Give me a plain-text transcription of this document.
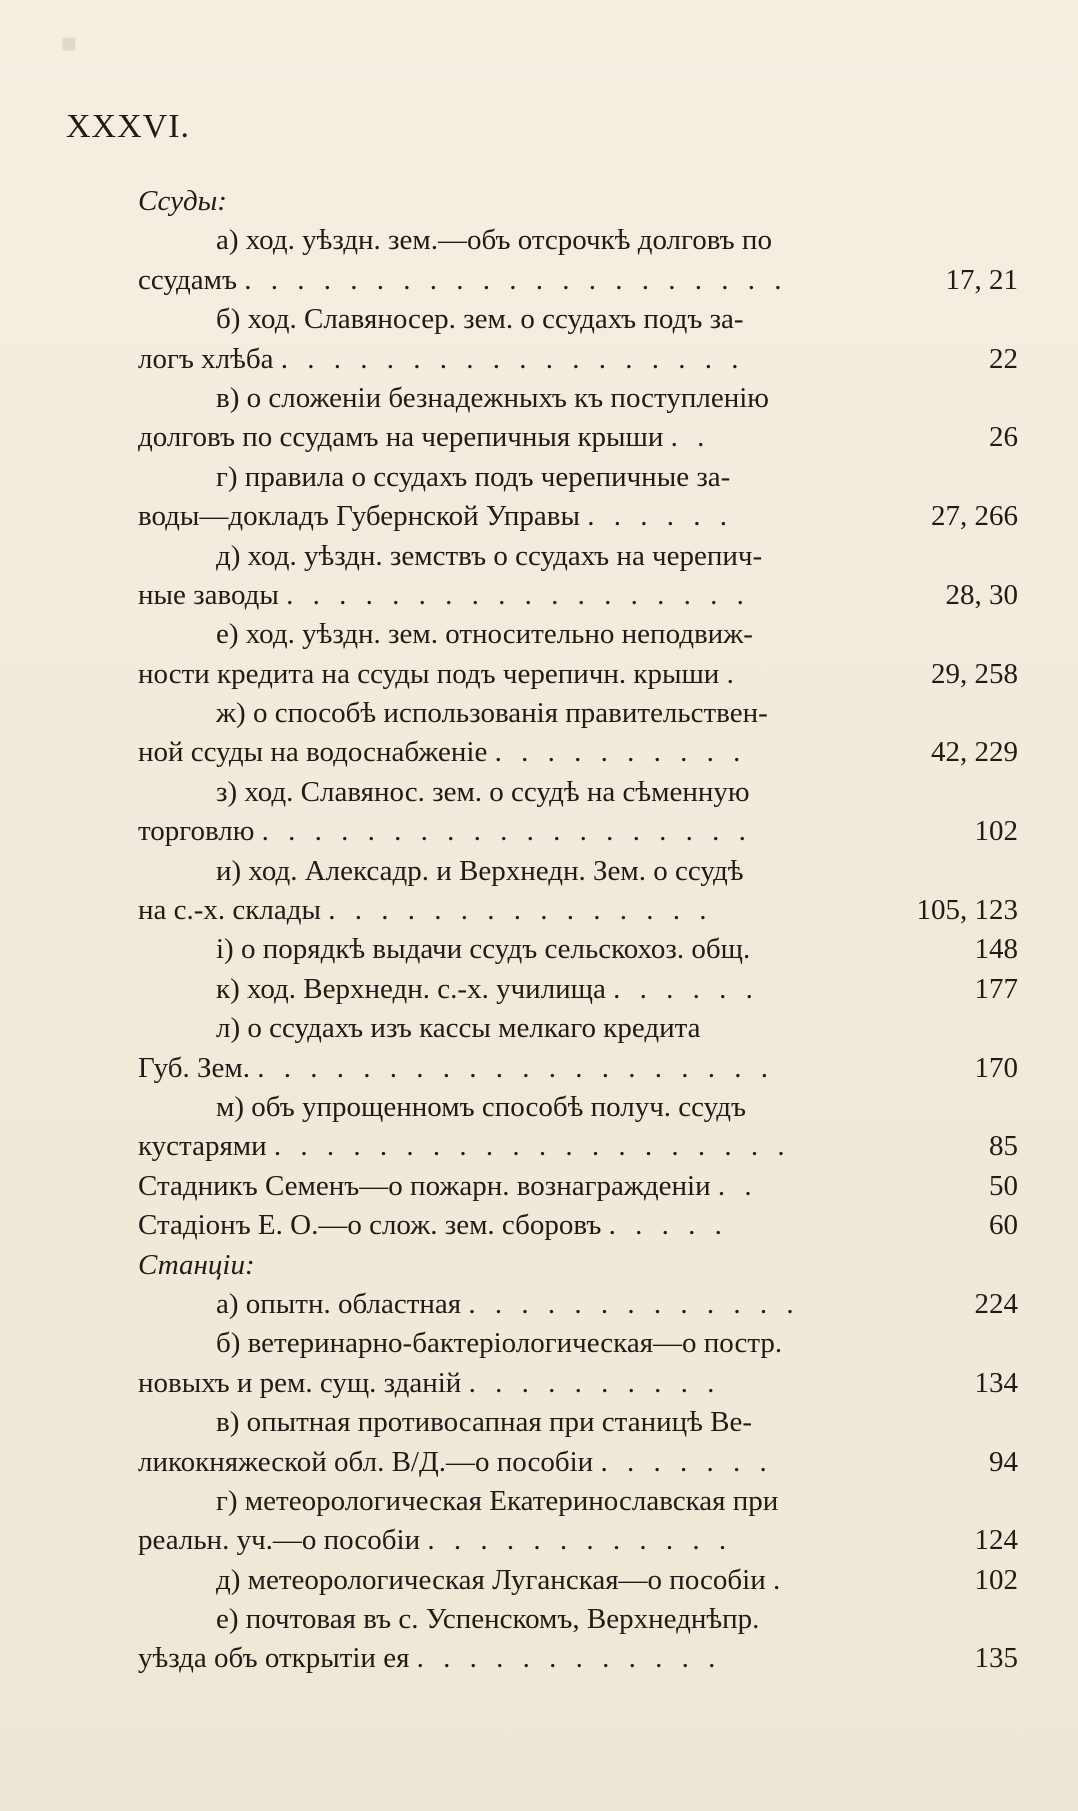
▪
XXXVI.
Ссуды:
а) ход. уѣздн. зем.—объ отсрочкѣ долговъ по
ссудамъ . . . . . . . . . . . . . . . . . . . . .	17, 21
б) ход. Славяносер. зем. о ссудахъ подъ за-
логъ хлѣба . . . . . . . . . . . . . . . . . .	22
в) о сложенiи безнадежныхъ къ поступленiю
долговъ по ссудамъ на черепичныя крыши . .	26
г) правила о ссудахъ подъ черепичные за-
воды—докладъ Губернской Управы . . . . . .	27, 266
д) ход. уѣздн. земствъ о ссудахъ на черепич-
ные заводы . . . . . . . . . . . . . . . . . .	28, 30
е) ход. уѣздн. зем. относительно неподвиж-
ности кредита на ссуды подъ черепичн. крыши .	29, 258
ж) о способѣ использованiя правительствен-
ной ссуды на водоснабженiе . . . . . . . . . .	42, 229
з) ход. Славянос. зем. о ссудѣ на сѣменную
торговлю . . . . . . . . . . . . . . . . . . .	102
и) ход. Алексадр. и Верхнедн. Зем. о ссудѣ
на с.-х. склады . . . . . . . . . . . . . . .	105, 123
i) о порядкѣ выдачи ссудъ сельскохоз. общ.	148
к) ход. Верхнедн. с.-х. училища . . . . . .	177
л) о ссудахъ изъ кассы мелкаго кредита
Губ. Зем. . . . . . . . . . . . . . . . . . . . .	170
м) объ упрощенномъ способѣ получ. ссудъ
кустарями . . . . . . . . . . . . . . . . . . . .	85
Стадникъ Семенъ—о пожарн. вознагражденiи . .	50
Стадiонъ Е. О.—о слож. зем. сборовъ . . . . .	60
Станцiи:
а) опытн. областная . . . . . . . . . . . . .	224
б) ветеринарно-бактерiологическая—о постр.
новыхъ и рем. сущ. зданiй . . . . . . . . . .	134
в) опытная противосапная при станицѣ Ве-
ликокняжеской обл. В/Д.—о пособiи . . . . . . .	94
г) метеорологическая Екатеринославская при
реальн. уч.—о пособiи . . . . . . . . . . . .	124
д) метеорологическая Луганская—о пособiи .	102
е) почтовая въ с. Успенскомъ, Верхнеднѣпр.
уѣзда объ открытiи ея . . . . . . . . . . . .	135
